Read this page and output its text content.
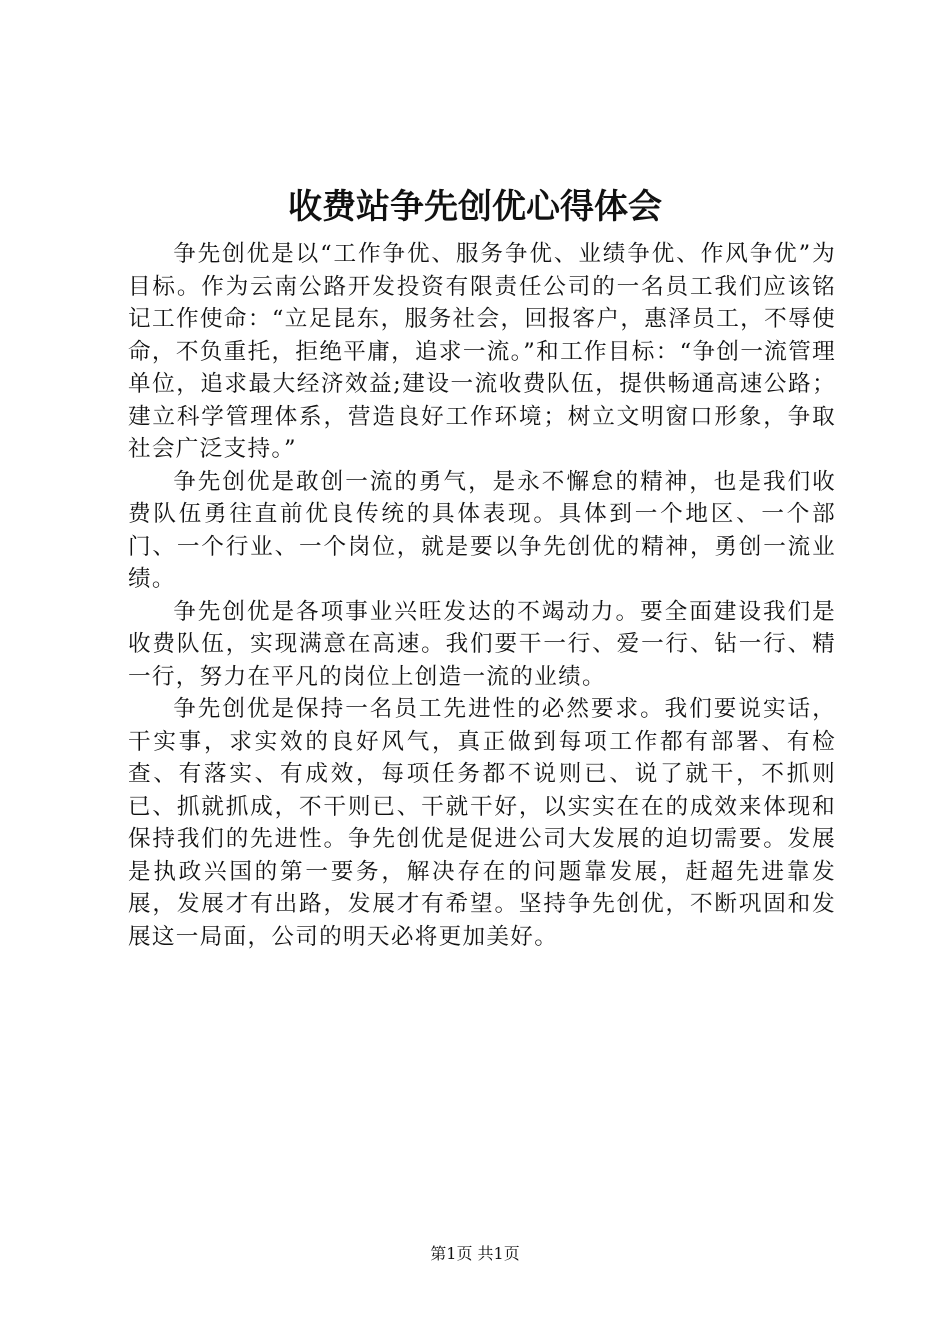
收费站争先创优心得体会

争先创优是以“工作争优、服务争优、业绩争优、作风争优”为目标。作为云南公路开发投资有限责任公司的一名员工我们应该铭记工作使命：“立足昆东，服务社会，回报客户，惠泽员工，不辱使命，不负重托，拒绝平庸，追求一流。”和工作目标：“争创一流管理单位，追求最大经济效益;建设一流收费队伍，提供畅通高速公路；建立科学管理体系，营造良好工作环境；树立文明窗口形象，争取社会广泛支持。”

争先创优是敢创一流的勇气，是永不懈怠的精神，也是我们收费队伍勇往直前优良传统的具体表现。具体到一个地区、一个部门、一个行业、一个岗位，就是要以争先创优的精神，勇创一流业绩。

争先创优是各项事业兴旺发达的不竭动力。要全面建设我们是收费队伍，实现满意在高速。我们要干一行、爱一行、钻一行、精一行，努力在平凡的岗位上创造一流的业绩。

争先创优是保持一名员工先进性的必然要求。我们要说实话，干实事，求实效的良好风气，真正做到每项工作都有部署、有检查、有落实、有成效，每项任务都不说则已、说了就干，不抓则已、抓就抓成，不干则已、干就干好，以实实在在的成效来体现和保持我们的先进性。争先创优是促进公司大发展的迫切需要。发展是执政兴国的第一要务，解决存在的问题靠发展，赶超先进靠发展，发展才有出路，发展才有希望。坚持争先创优，不断巩固和发展这一局面，公司的明天必将更加美好。

第1页 共1页
